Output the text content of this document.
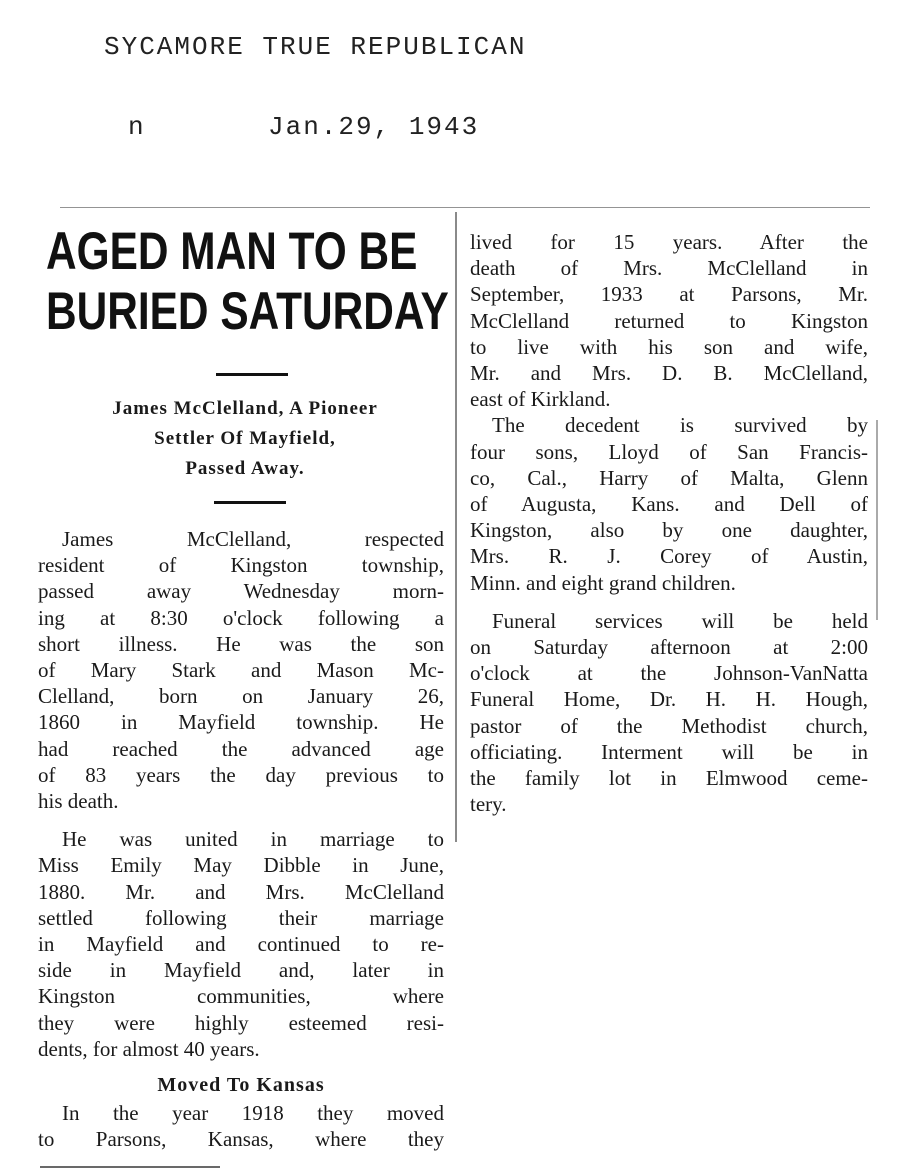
SYCAMORE TRUE REPUBLICAN
n	Jan.29, 1943
AGED MAN TO BE
BURIED SATURDAY
James McClelland, A Pioneer
Settler Of Mayfield,
Passed Away.
James McClelland, respected
resident of Kingston township,
passed away Wednesday morn-
ing at 8:30 o'clock following a
short illness. He was the son
of Mary Stark and Mason Mc-
Clelland, born on January 26,
1860 in Mayfield township. He
had reached the advanced age
of 83 years the day previous to
his death.
He was united in marriage to
Miss Emily May Dibble in June,
1880. Mr. and Mrs. McClelland
settled following their marriage
in Mayfield and continued to re-
side in Mayfield and, later in
Kingston communities, where
they were highly esteemed resi-
dents, for almost 40 years.
Moved To Kansas
In the year 1918 they moved
to Parsons, Kansas, where they
lived for 15 years. After the
death of Mrs. McClelland in
September, 1933 at Parsons, Mr.
McClelland returned to Kingston
to live with his son and wife,
Mr. and Mrs. D. B. McClelland,
east of Kirkland.
The decedent is survived by
four sons, Lloyd of San Francis-
co, Cal., Harry of Malta, Glenn
of Augusta, Kans. and Dell of
Kingston, also by one daughter,
Mrs. R. J. Corey of Austin,
Minn. and eight grand children.
Funeral services will be held
on Saturday afternoon at 2:00
o'clock at the Johnson-VanNatta
Funeral Home, Dr. H. H. Hough,
pastor of the Methodist church,
officiating. Interment will be in
the family lot in Elmwood ceme-
tery.
